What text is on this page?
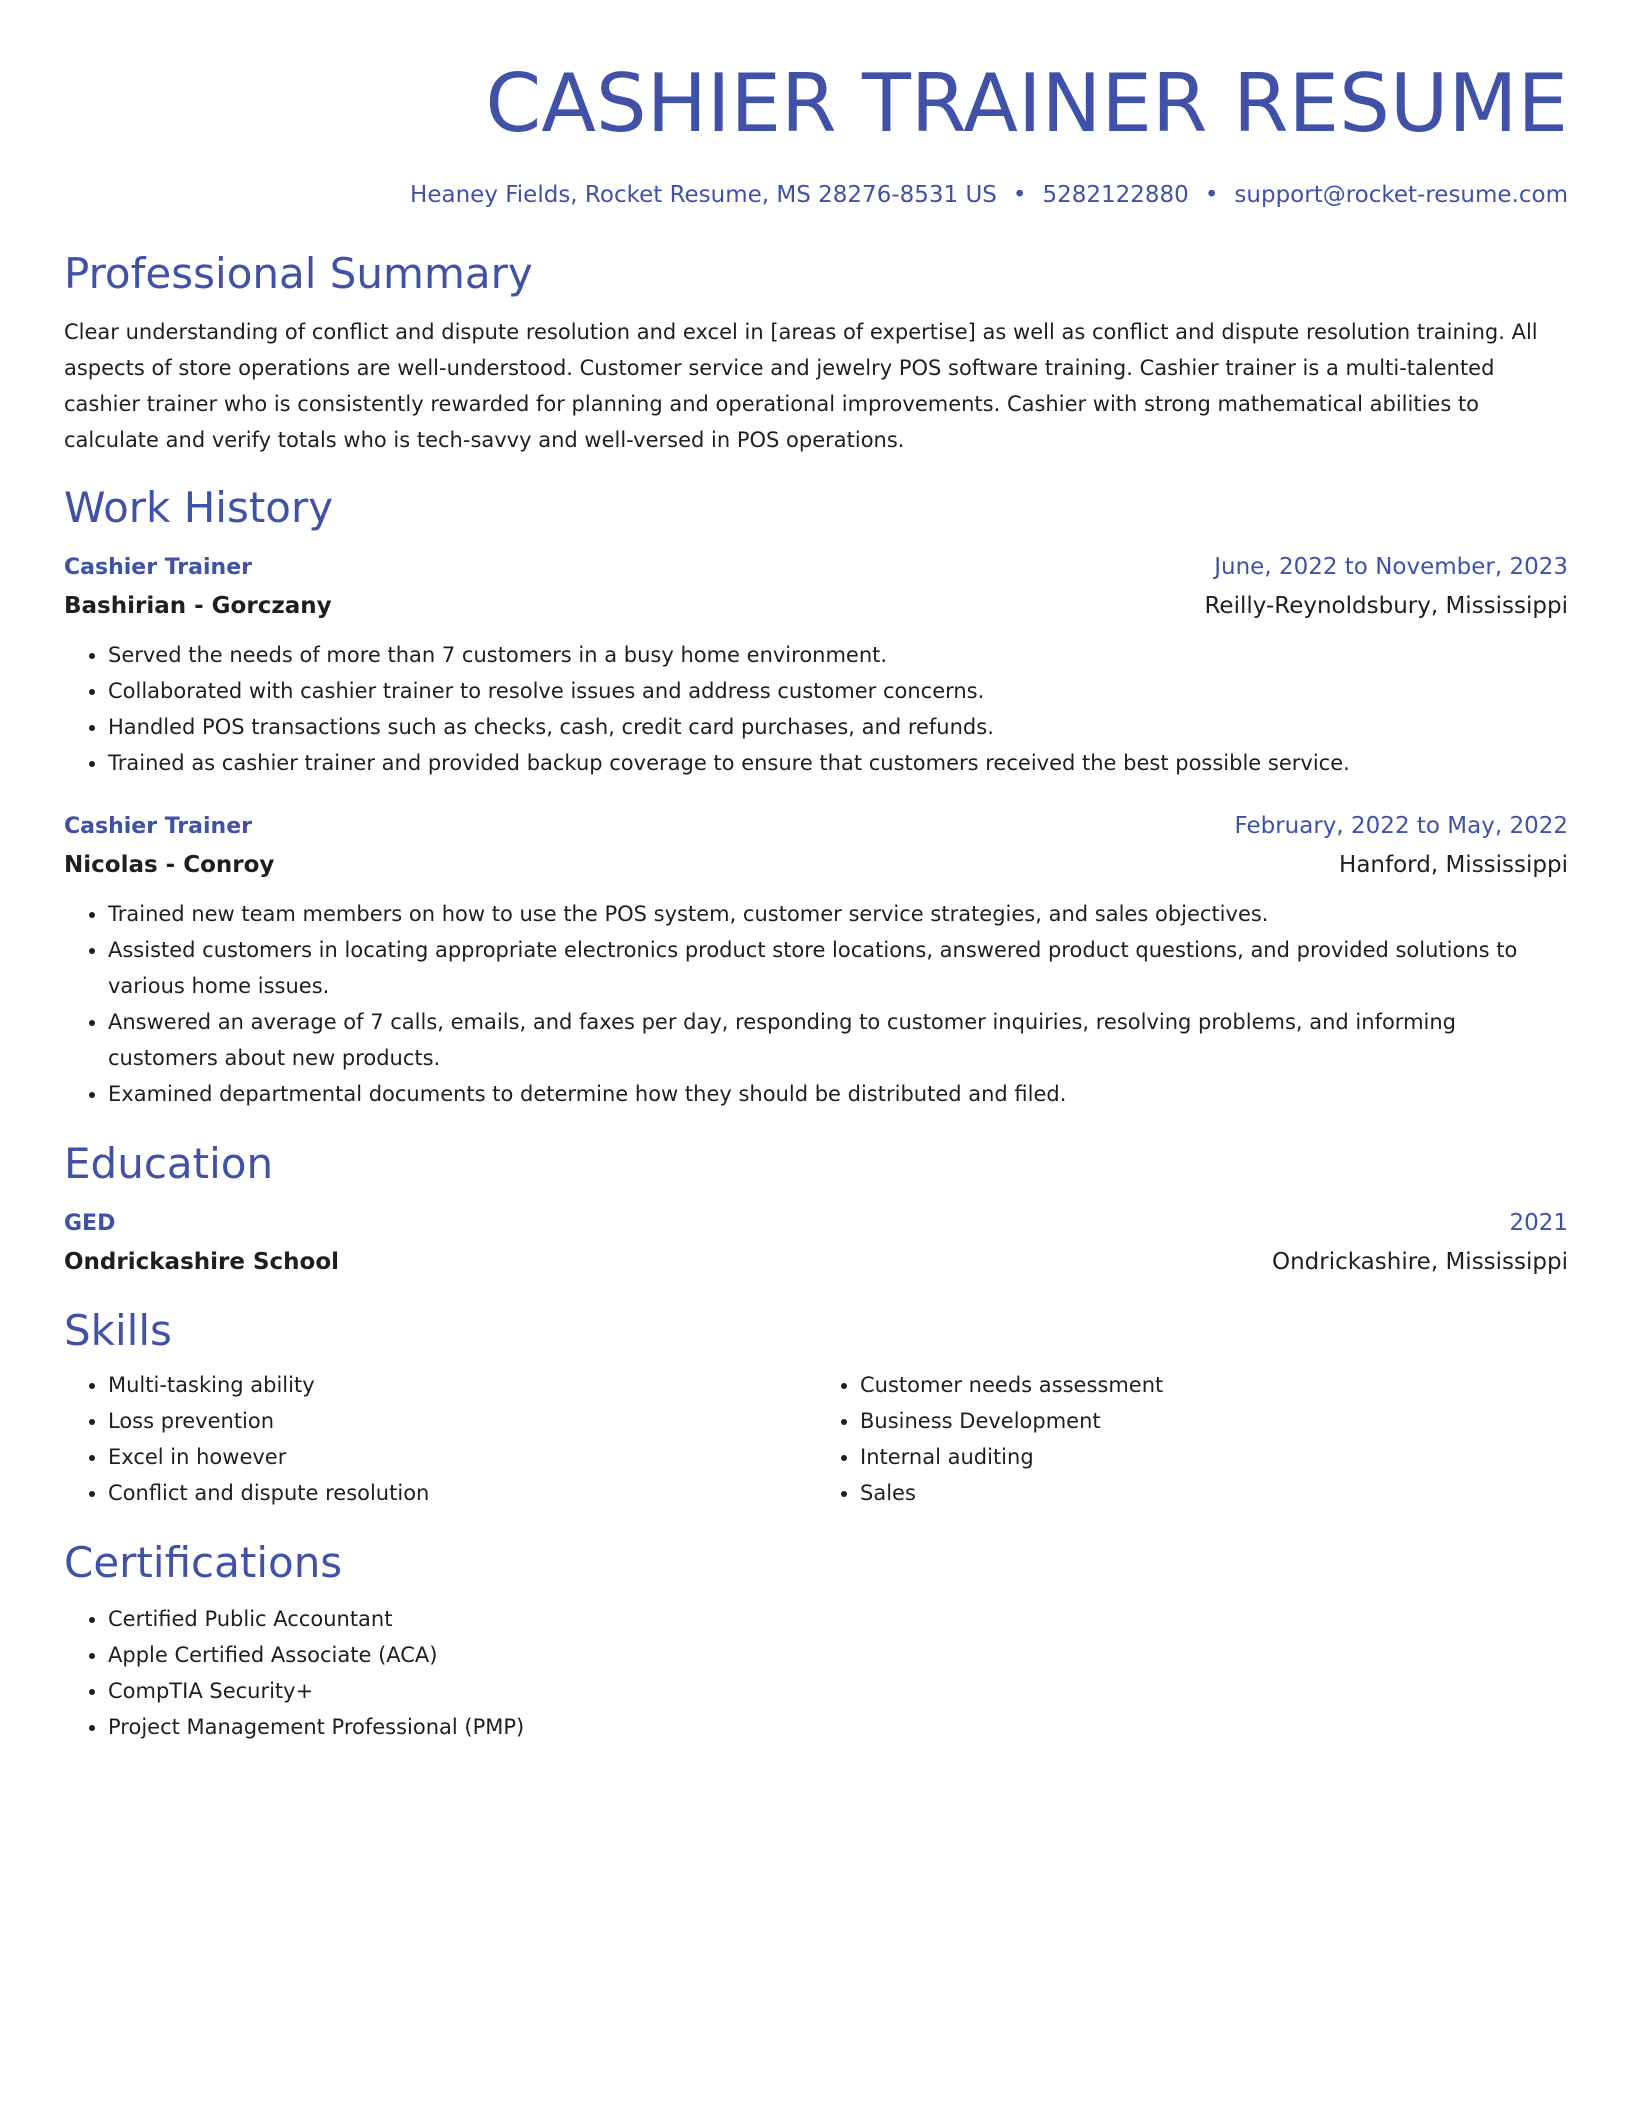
CASHIER TRAINER RESUME
Heaney Fields, Rocket Resume, MS 28276-8531 US • 5282122880 • support@rocket-resume.com
Professional Summary

Clear understanding of conflict and dispute resolution and excel in [areas of expertise] as well as conflict and dispute resolution training. All aspects of store operations are well-understood. Customer service and jewelry POS software training. Cashier trainer is a multi-talented cashier trainer who is consistently rewarded for planning and operational improvements. Cashier with strong mathematical abilities to calculate and verify totals who is tech-savvy and well-versed in POS operations.

Work History
Cashier Trainer	June, 2022 to November, 2023
Bashirian - Gorczany	Reilly-Reynoldsbury, Mississippi
• Served the needs of more than 7 customers in a busy home environment.
• Collaborated with cashier trainer to resolve issues and address customer concerns.
• Handled POS transactions such as checks, cash, credit card purchases, and refunds.
• Trained as cashier trainer and provided backup coverage to ensure that customers received the best possible service.
Cashier Trainer	February, 2022 to May, 2022
Nicolas - Conroy	Hanford, Mississippi
• Trained new team members on how to use the POS system, customer service strategies, and sales objectives.
• Assisted customers in locating appropriate electronics product store locations, answered product questions, and provided solutions to various home issues.
• Answered an average of 7 calls, emails, and faxes per day, responding to customer inquiries, resolving problems, and informing customers about new products.
• Examined departmental documents to determine how they should be distributed and filed.
Education
GED	2021
Ondrickashire School	Ondrickashire, Mississippi
Skills
• Multi-tasking ability
• Loss prevention
• Excel in however
• Conflict and dispute resolution
• Customer needs assessment
• Business Development
• Internal auditing
• Sales
Certifications
• Certified Public Accountant
• Apple Certified Associate (ACA)
• CompTIA Security+
• Project Management Professional (PMP)
